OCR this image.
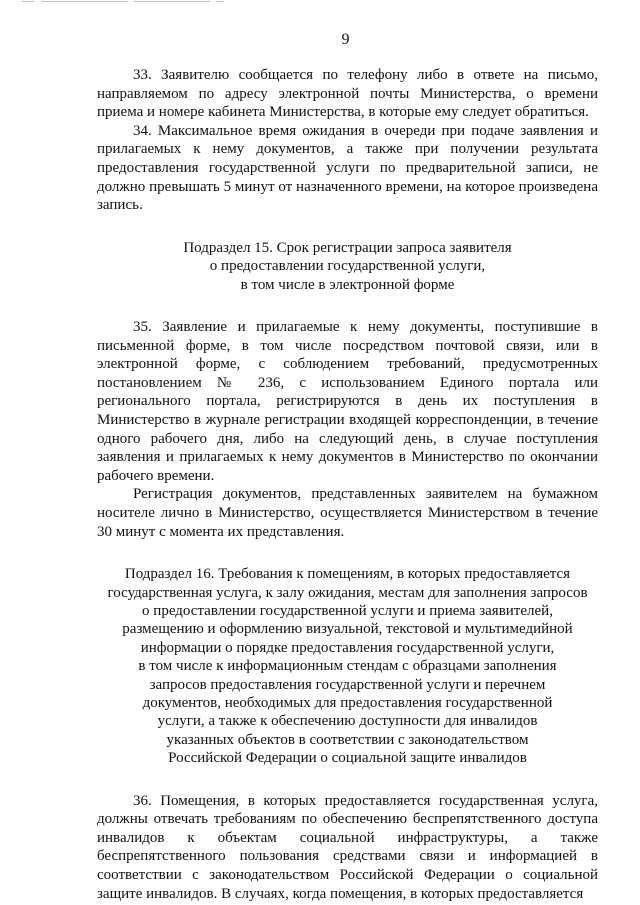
9

33. Заявителю сообщается по телефону либо в ответе на письмо, направляемом по адресу электронной почты Министерства, о времени приема и номере кабинета Министерства, в которые ему следует обратиться.

34. Максимальное время ожидания в очереди при подаче заявления и прилагаемых к нему документов, а также при получении результата предоставления государственной услуги по предварительной записи, не должно превышать 5 минут от назначенного времени, на которое произведена запись.

Подраздел 15. Срок регистрации запроса заявителя
о предоставлении государственной услуги,
в том числе в электронной форме

35. Заявление и прилагаемые к нему документы, поступившие в письменной форме, в том числе посредством почтовой связи, или в электронной форме, с соблюдением требований, предусмотренных постановлением № 236, с использованием Единого портала или регионального портала, регистрируются в день их поступления в Министерство в журнале регистрации входящей корреспонденции, в течение одного рабочего дня, либо на следующий день, в случае поступления заявления и прилагаемых к нему документов в Министерство по окончании рабочего времени.

Регистрация документов, представленных заявителем на бумажном носителе лично в Министерство, осуществляется Министерством в течение 30 минут с момента их представления.

Подраздел 16. Требования к помещениям, в которых предоставляется
государственная услуга, к залу ожидания, местам для заполнения запросов
о предоставлении государственной услуги и приема заявителей,
размещению и оформлению визуальной, текстовой и мультимедийной
информации о порядке предоставления государственной услуги,
в том числе к информационным стендам с образцами заполнения
запросов предоставления государственной услуги и перечнем
документов, необходимых для предоставления государственной
услуги, а также к обеспечению доступности для инвалидов
указанных объектов в соответствии с законодательством
Российской Федерации о социальной защите инвалидов

36. Помещения, в которых предоставляется государственная услуга, должны отвечать требованиям по обеспечению беспрепятственного доступа инвалидов к объектам социальной инфраструктуры, а также беспрепятственного пользования средствами связи и информацией в соответствии с законодательством Российской Федерации о социальной защите инвалидов. В случаях, когда помещения, в которых предоставляется
